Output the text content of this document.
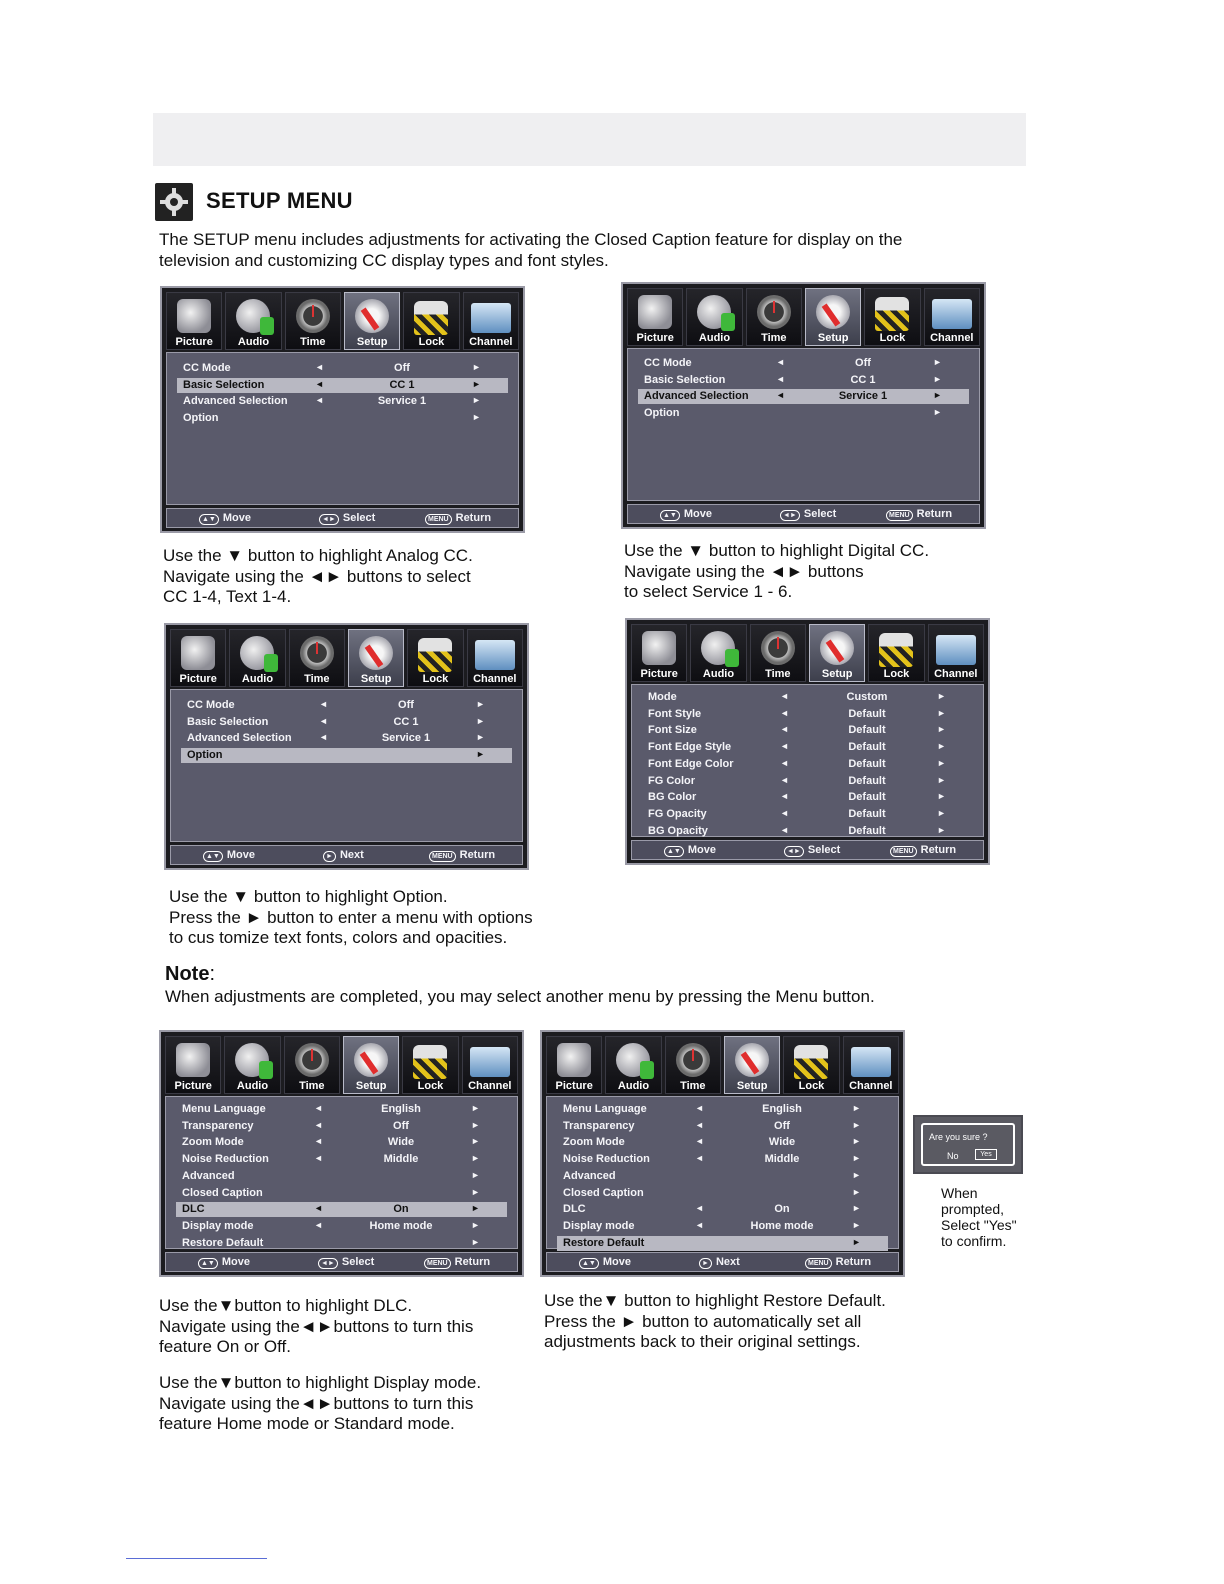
SETUP MENU
The SETUP menu includes adjustments for activating the Closed Caption feature for display on the television and customizing CC display types and font styles.
Picture	Audio	Time	Setup	Lock	Channel
CC Mode	◄	Off	►
Basic Selection	◄	CC 1	►
Advanced Selection	◄	Service 1	►
Option	►
▲▼ Move	◄► Select	MENU Return
Picture	Audio	Time	Setup	Lock	Channel
CC Mode	◄	Off	►
Basic Selection	◄	CC 1	►
Advanced Selection	◄	Service 1	►
Option	►
▲▼ Move	◄► Select	MENU Return
Picture	Audio	Time	Setup	Lock	Channel
CC Mode	◄	Off	►
Basic Selection	◄	CC 1	►
Advanced Selection	◄	Service 1	►
Option	►
▲▼ Move	► Next	MENU Return
Picture	Audio	Time	Setup	Lock	Channel
Mode	◄	Custom	►
Font Style	◄	Default	►
Font Size	◄	Default	►
Font Edge Style	◄	Default	►
Font Edge Color	◄	Default	►
FG Color	◄	Default	►
BG Color	◄	Default	►
FG Opacity	◄	Default	►
BG Opacity	◄	Default	►
▲▼ Move	◄► Select	MENU Return
Picture	Audio	Time	Setup	Lock	Channel
Menu Language	◄	English	►
Transparency	◄	Off	►
Zoom Mode	◄	Wide	►
Noise Reduction	◄	Middle	►
Advanced	►
Closed Caption	►
DLC	◄	On	►
Display mode	◄	Home mode	►
Restore Default	►
▲▼ Move	◄► Select	MENU Return
Picture	Audio	Time	Setup	Lock	Channel
Menu Language	◄	English	►
Transparency	◄	Off	►
Zoom Mode	◄	Wide	►
Noise Reduction	◄	Middle	►
Advanced	►
Closed Caption	►
DLC	◄	On	►
Display mode	◄	Home mode	►
Restore Default	►
▲▼ Move	► Next	MENU Return
Use the ▼ button to highlight Analog CC.
Navigate using the ◄► buttons to select
CC 1-4, Text 1-4.
Use the ▼ button to highlight Digital CC.
Navigate using the ◄► buttons
to select Service 1 - 6.
Use the ▼ button to highlight Option.
Press the ► button to enter a menu with options
to cus tomize text fonts, colors and opacities.
Note:
When adjustments are completed, you may select another menu by pressing the Menu button.
Use the▼button to highlight DLC.
Navigate using the◄►buttons to turn this
feature On or Off.
Use the▼button to highlight Display mode.
Navigate using the◄►buttons to turn this
feature Home mode or Standard mode.
Use the▼ button to highlight Restore Default.
Press the ► button to automatically set all
adjustments back to their original settings.
Are you sure ?
No	Yes
When
prompted,
Select "Yes"
to confirm.
